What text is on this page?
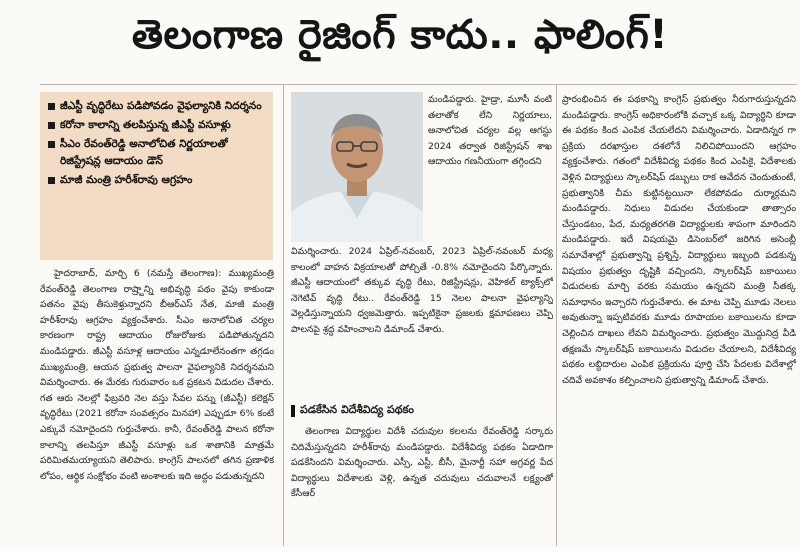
తెలంగాణ రైజింగ్ కాదు.. ఫాలింగ్!
జీఎస్టీ వృద్ధిరేటు పడిపోవడం వైఫల్యానికి నిదర్శనం
కరోనా కాలాన్ని తలపిస్తున్న జీఎస్టీ వసూళ్లు
సీఎం రేవంత్‌రెడ్డి అనాలోచిత నిర్ణయాలతో రిజిస్ట్రేషన్ల ఆదాయం డౌన్
మాజీ మంత్రి హరీశ్‌రావు ఆగ్రహం

హైదరాబాద్, మార్చి 6 (నమస్తే తెలంగాణ): ముఖ్యమంత్రి రేవంత్‌రెడ్డి తెలంగాణ రాష్ర్టాన్ని అభివృద్ధి పథం వైపు కాకుండా పతనం వైపు తీసుకెళ్తున్నారని బీఆర్‌ఎస్ నేత, మాజీ మంత్రి హరీశ్‌రావు ఆగ్రహం వ్యక్తంచేశారు. సీఎం అనాలోచిత చర్యల కారణంగా రాష్ట్ర ఆదాయం రోజురోజుకు పడిపోతున్నదని మండిపడ్డారు. జీఎస్టీ వసూళ్ల ఆదాయం ఎన్నడూలేనంతగా తగ్గడం ముఖ్యమంత్రి, ఆయన ప్రభుత్వ పాలనా వైఫల్యానికి నిదర్శనమని విమర్శించారు. ఈ మేరకు గురువారం ఒక ప్రకటన విడుదల చేశారు. గత ఆరు నెలల్లో ఫిబ్రవరి నెల వస్తు సేవల పన్ను (జీఎస్టీ) కలెక్షన్ వృద్ధిరేటు (2021 కరోనా సంవత్సరం మినహా) ఎప్పుడూ 6% కంటే ఎక్కువే నమోదైందని గుర్తుచేశారు. కానీ, రేవంత్‌రెడ్డి పాలన కరోనా కాలాన్ని తలపిస్తూ జీఎస్టీ వసూళ్లు ఒక శాతానికి మాత్రమే పరిమితమయ్యాయని తెలిపారు. కాంగ్రెస్ పాలనలో తగిన ప్రణాళిక లోపం, ఆర్థిక సంక్షోభం వంటి అంశాలకు ఇది అద్దం పడుతున్నదని

మండిపడ్డారు. హైడ్రా, మూసీ వంటి తలాతోక లేని నిర్ణయాలు, అనాలోచిత చర్యల వల్ల ఆగస్టు 2024 తర్వాత రిజిస్ట్రేషన్ శాఖ ఆదాయం గణనీయంగా తగ్గిందని

విమర్శించారు. 2024 ఏప్రిల్-నవంబర్, 2023 ఏప్రిల్-నవంబర్ మధ్య కాలంలో వాహన విక్రయాలతో పోల్చితే -0.8% నమోదైందని పేర్కొన్నారు. జీఎస్టీ ఆదాయంలో తక్కువ వృద్ధి రేటు, రిజిస్ట్రేషన్లు, వెహికల్ ట్యాక్స్‌లో నెగెటివ్ వృద్ధి రేటు.. రేవంత్‌రెడ్డి 15 నెలల పాలనా వైఫల్యాన్ని వెల్లడిస్తున్నాయని ధ్వజమెత్తారు. ఇప్పటికైనా ప్రజలకు క్షమాపణలు చెప్పి పాలనపై శ్రద్ధ వహించాలని డిమాండ్ చేశారు.

పడకేసిన విదేశీవిద్య పథకం

తెలంగాణ విద్యార్థుల విదేశీ చదువుల కలలను రేవంత్‌రెడ్డి సర్కారు చిదిమేస్తున్నదని హరీశ్‌రావు మండిపడ్డారు. విదేశీవిద్య పథకం ఏడాదిగా పడకేసిందని విమర్శించారు. ఎస్సీ, ఎస్టీ, బీసీ, మైనార్టీ సహా అగ్రవర్ణ పేద విద్యార్థులు విదేశాలకు వెళ్లి, ఉన్నత చదువులు చదువాలనే లక్ష్యంతో కేసీఆర్

ప్రారంభించిన ఈ పథకాన్ని కాంగ్రెస్ ప్రభుత్వం నీరుగారుస్తున్నదని మండిపడ్డారు. కాంగ్రెస్ అధికారంలోకి వచ్చాక ఒక్క విద్యార్థిని కూడా ఈ పథకం కింద ఎంపిక చేయలేదని విమర్శించారు. ఏడాదిన్నర గా ప్రక్రియ దరఖాస్తుల దశలోనే నిలిచిపోయిందని ఆగ్రహం వ్యక్తంచేశారు. గతంలో విదేశీవిద్య పథకం కింద ఎంపికై, విదేశాలకు వెళ్లిన విద్యార్థులు స్కాలర్‌షిప్ డబ్బులు రాక ఆవేదన చెందుతుంటే, ప్రభుత్వానికి చీమ కుట్టినట్టయినా లేకపోవడం దుర్మార్గమని మండిపడ్డారు. నిధులు విడుదల చేయకుండా తాత్సారం చేస్తుండటం, పేద, మధ్యతరగతి విద్యార్థులకు శాపంగా మారిందని మండిపడ్డారు. ఇదే విషయమై డిసెంబర్‌లో జరిగిన అసెంబ్లీ సమావేశాల్లో ప్రభుత్వాన్ని ప్రశ్నిస్తే, విద్యార్థులు ఇబ్బంది పడకున్న విషయం ప్రభుత్వం దృష్టికి వచ్చిందని, స్కాలర్‌షిప్ బకాయిలు విడుదలకు మార్చి వరకు సమయం ఉన్నదని మంత్రి సీతక్క సమాధానం ఇచ్చారని గుర్తుచేశారు. ఈ మాట చెప్పి మూడు నెలలు అవుతున్నా ఇప్పటివరకు మూడు రూపాయల బకాయిలను కూడా చెల్లించిన దాఖలు లేవని విమర్శించారు. ప్రభుత్వం మొద్దునిద్ర వీడి తక్షణమే స్కాలర్‌షిప్ బకాయిలను విడుదల చేయాలని, విదేశీవిద్య పథకం లబ్ధిదారుల ఎంపిక ప్రక్రియను పూర్తి చేసి పేదలకు విదేశాల్లో చదివే అవకాశం కల్పించాలని ప్రభుత్వాన్ని డిమాండ్ చేశారు.
